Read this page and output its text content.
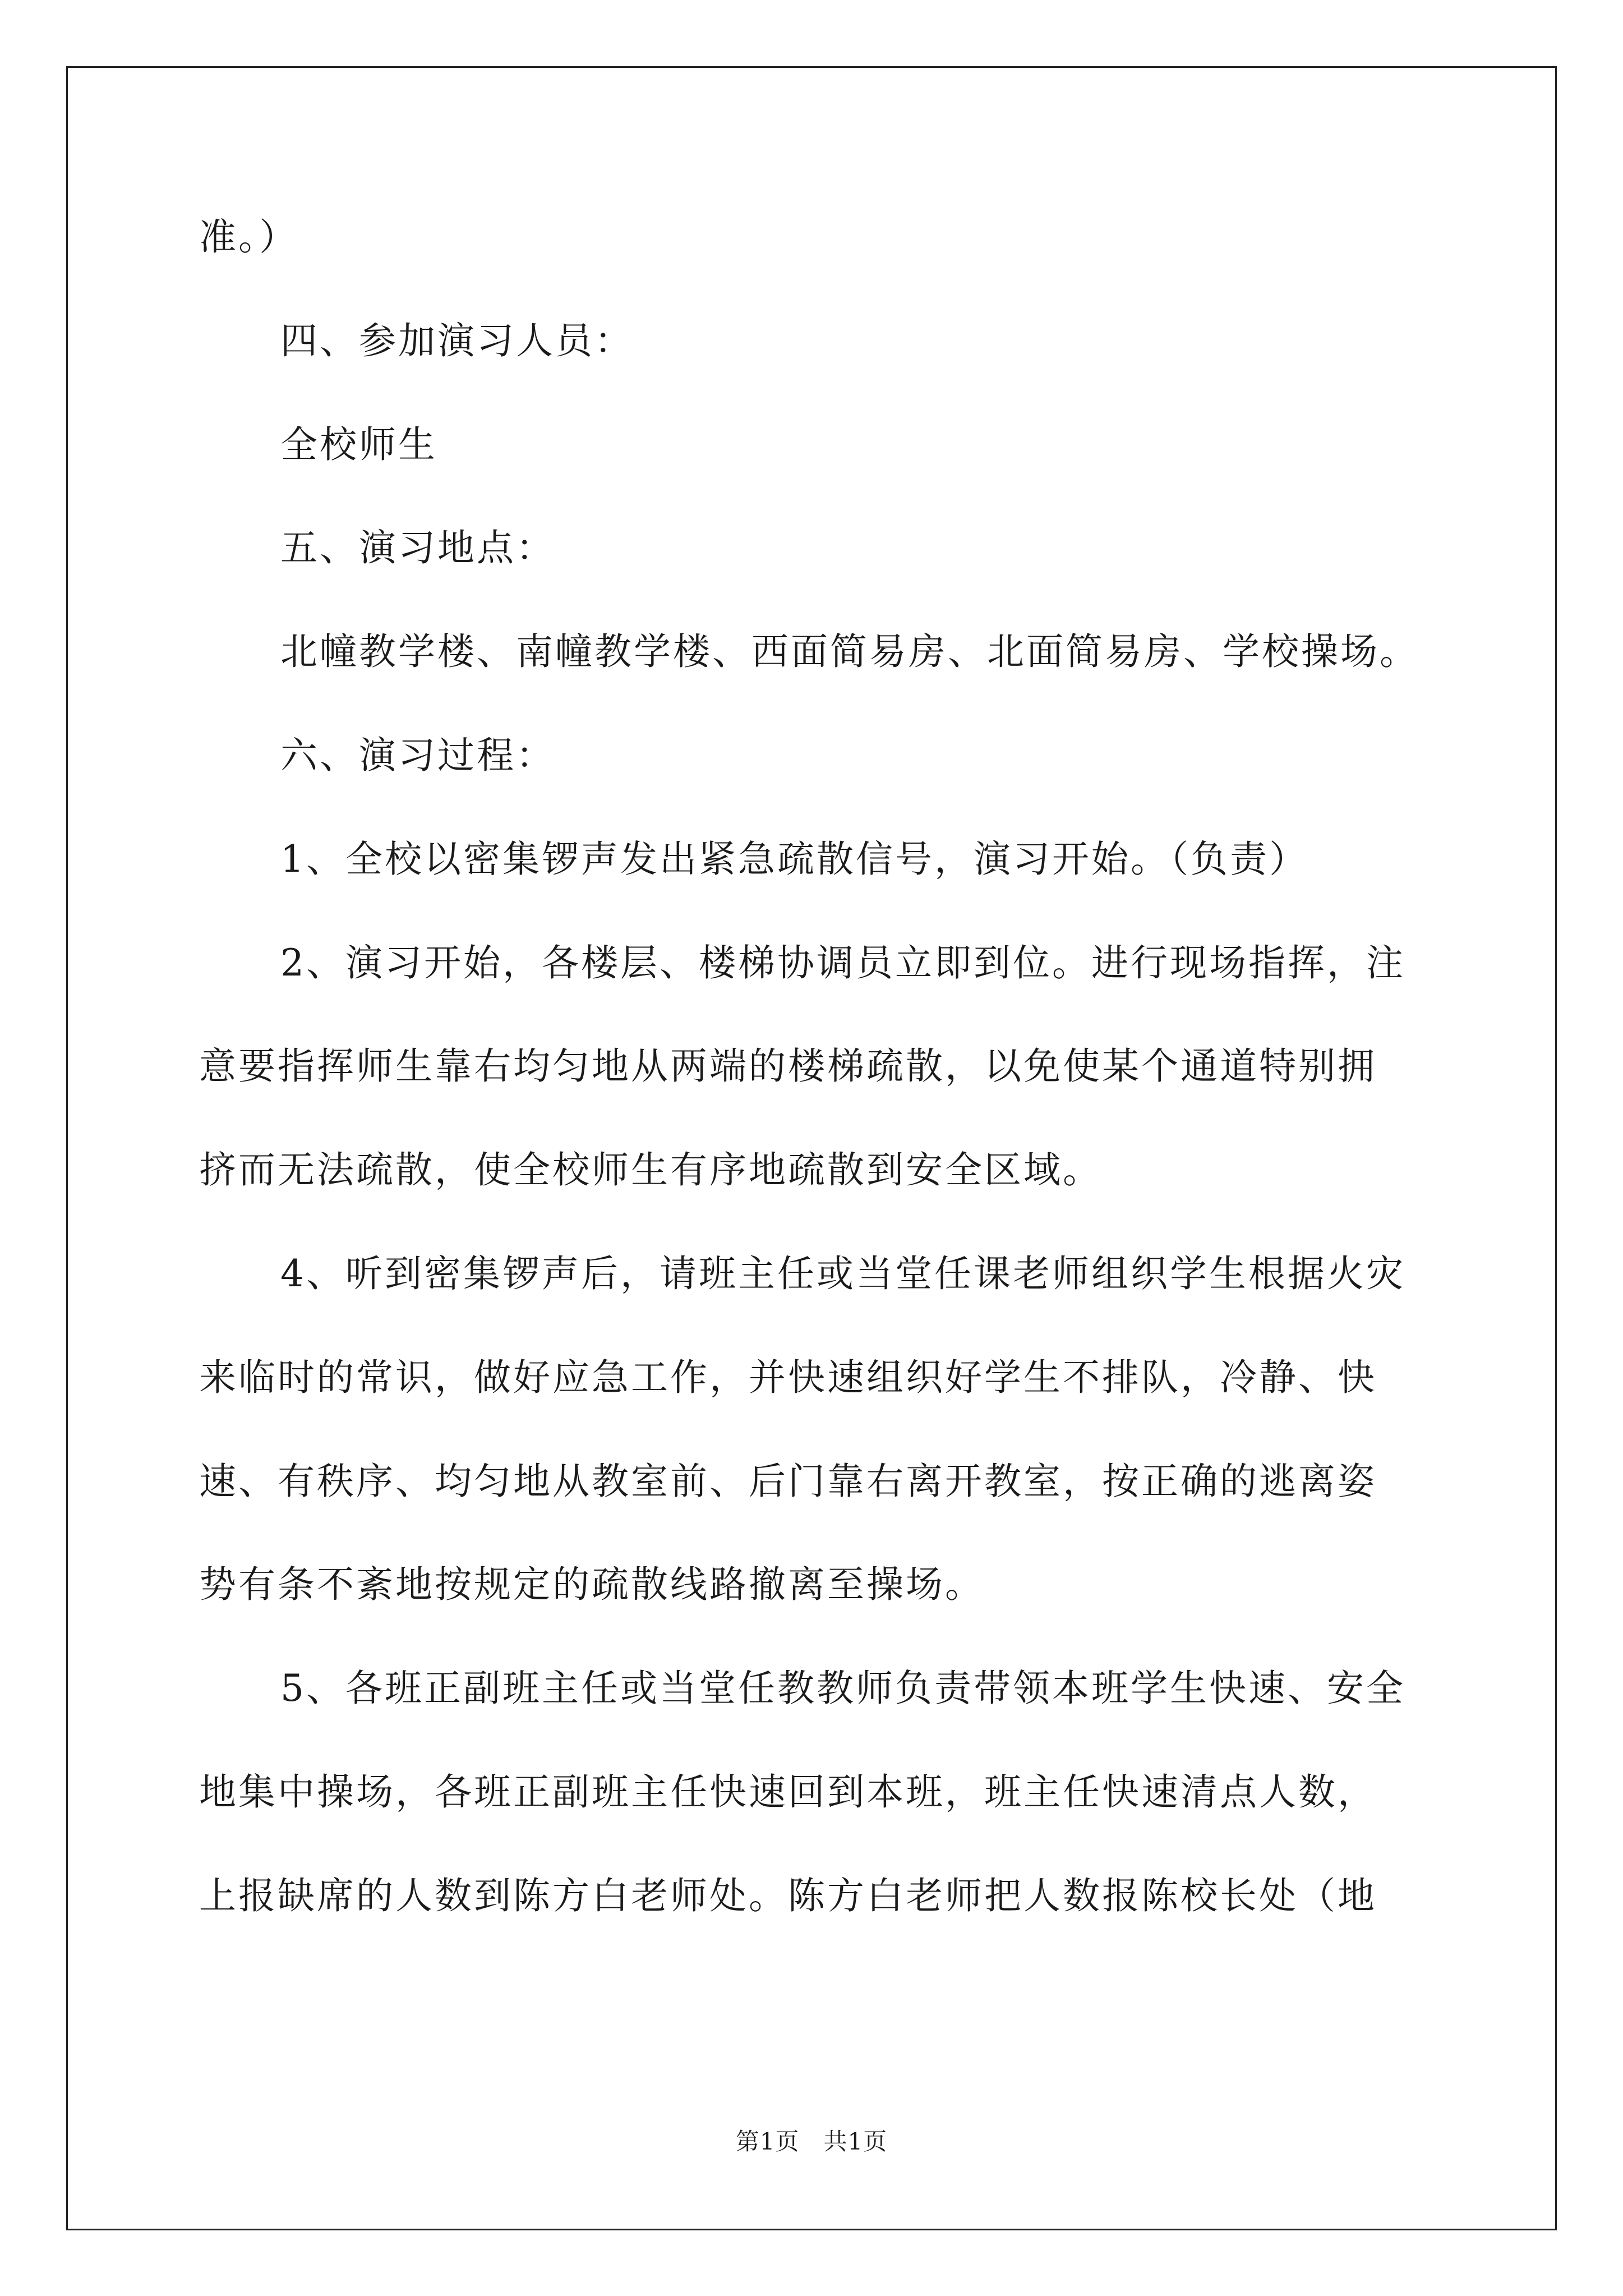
准。）

四、参加演习人员：

全校师生

五、演习地点：

北幢教学楼、南幢教学楼、西面简易房、北面简易房、学校操场。

六、演习过程：

1、全校以密集锣声发出紧急疏散信号，演习开始。（负责）

2、演习开始，各楼层、楼梯协调员立即到位。进行现场指挥，注

意要指挥师生靠右均匀地从两端的楼梯疏散，以免使某个通道特别拥

挤而无法疏散，使全校师生有序地疏散到安全区域。

4、听到密集锣声后，请班主任或当堂任课老师组织学生根据火灾

来临时的常识，做好应急工作，并快速组织好学生不排队，冷静、快

速、有秩序、均匀地从教室前、后门靠右离开教室，按正确的逃离姿

势有条不紊地按规定的疏散线路撤离至操场。

5、各班正副班主任或当堂任教教师负责带领本班学生快速、安全

地集中操场，各班正副班主任快速回到本班，班主任快速清点人数，

上报缺席的人数到陈方白老师处。陈方白老师把人数报陈校长处（地

第1页　共1页
